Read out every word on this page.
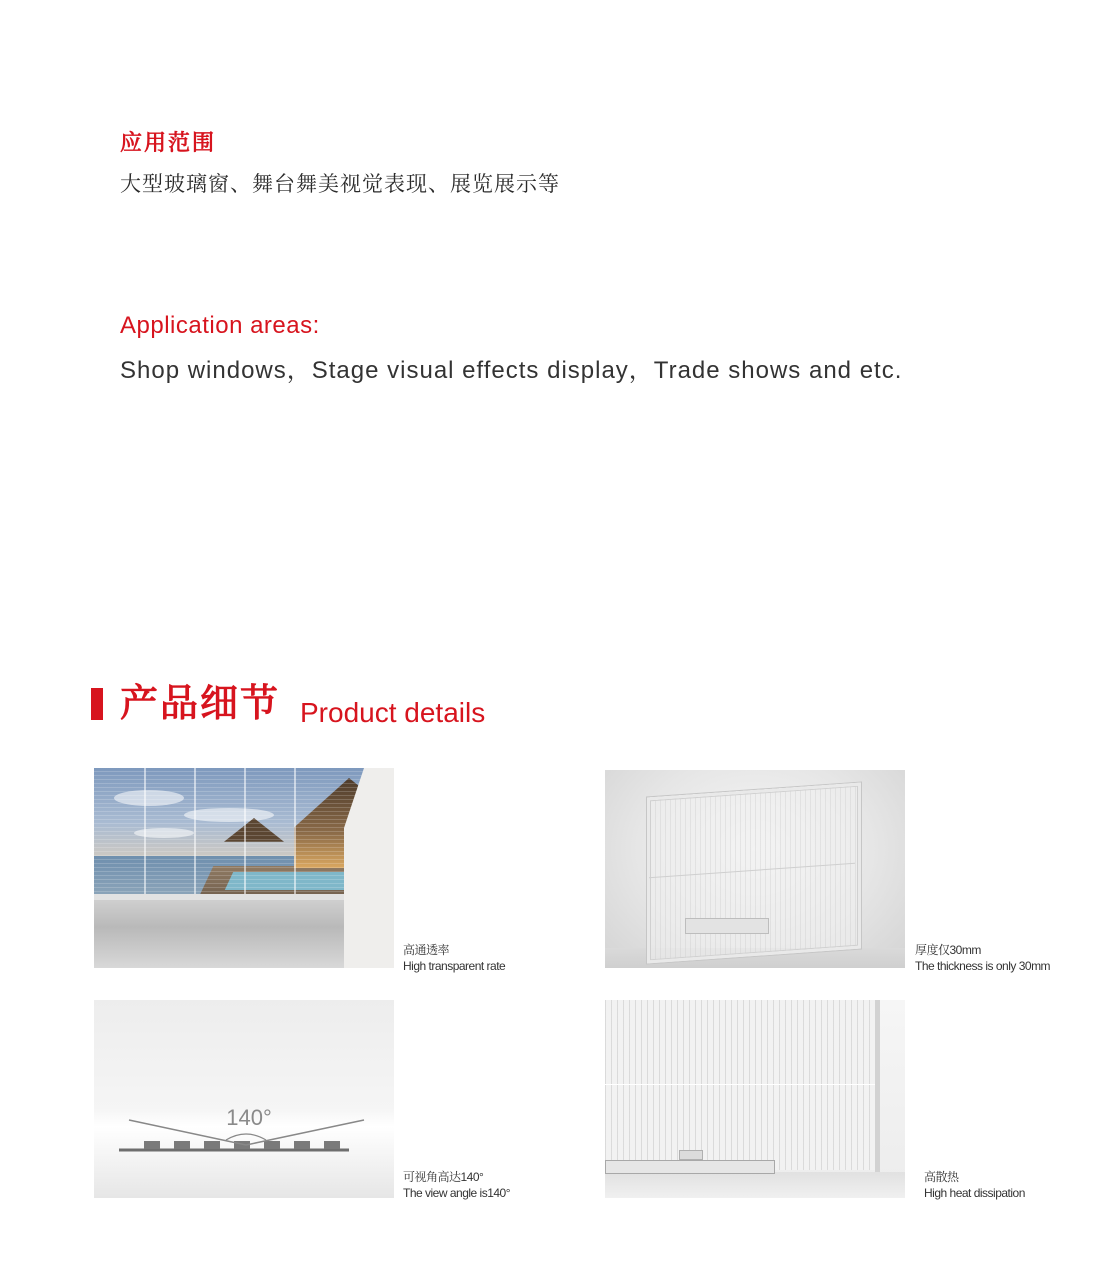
应用范围
大型玻璃窗、舞台舞美视觉表现、展览展示等
Application areas:
Shop windows，Stage visual effects display，Trade shows and etc.
产品细节 Product details
高通透率
High transparent rate
厚度仅30mm
The thickness is only 30mm
140°
可视角高达140°
The view angle is140°
高散热
High heat dissipation
